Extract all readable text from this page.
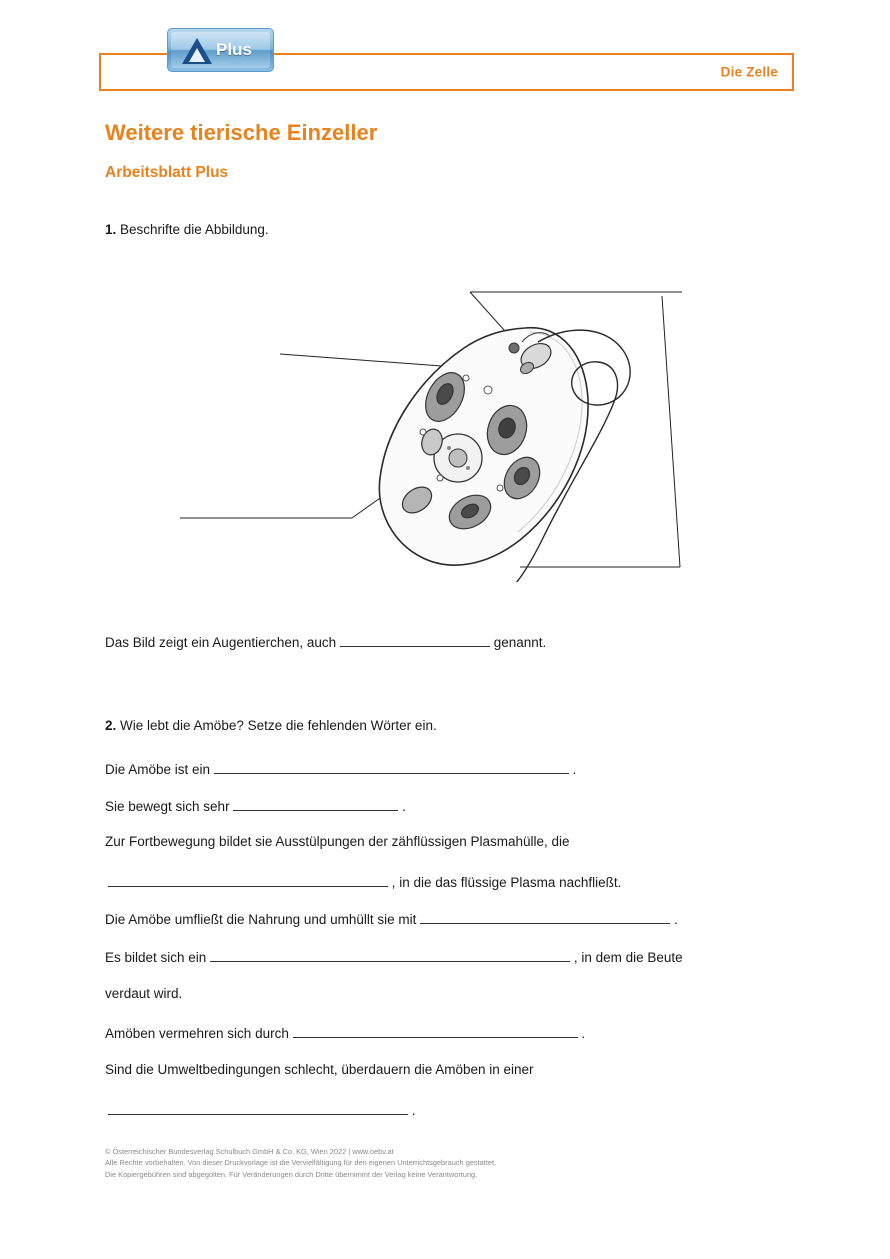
Die Zelle
Plus
Weitere tierische Einzeller
Arbeitsblatt Plus
1. Beschrifte die Abbildung.
Das Bild zeigt ein Augentierchen, auch	genannt.
2. Wie lebt die Amöbe? Setze die fehlenden Wörter ein.
Die Amöbe ist ein	.
Sie bewegt sich sehr	.
Zur Fortbewegung bildet sie Ausstülpungen der zähflüssigen Plasmahülle, die
, in die das flüssige Plasma nachfließt.
Die Amöbe umfließt die Nahrung und umhüllt sie mit	.
Es bildet sich ein	, in dem die Beute
verdaut wird.
Amöben vermehren sich durch	.
Sind die Umweltbedingungen schlecht, überdauern die Amöben in einer
.
© Österreichischer Bundesverlag Schulbuch GmbH & Co. KG, Wien 2022 | www.oebv.at
Alle Rechte vorbehalten. Von dieser Druckvorlage ist die Vervielfältigung für den eigenen Unterrichtsgebrauch gestattet.
Die Kopiergebühren sind abgegolten. Für Veränderungen durch Dritte übernimmt der Verlag keine Verantwortung.
